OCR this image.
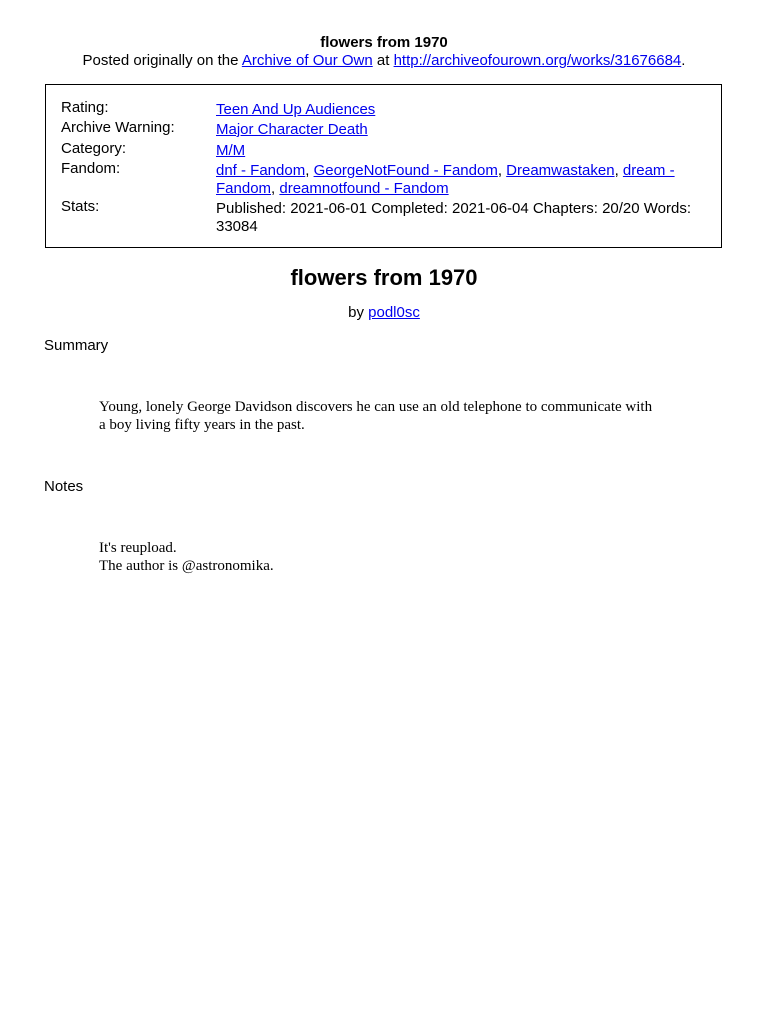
flowers from 1970
Posted originally on the Archive of Our Own at http://archiveofourown.org/works/31676684.
Rating:	Teen And Up Audiences
Archive Warning:	Major Character Death
Category:	M/M
Fandom:	dnf - Fandom, GeorgeNotFound - Fandom, Dreamwastaken, dream - Fandom, dreamnotfound - Fandom
Stats:	Published: 2021-06-01 Completed: 2021-06-04 Chapters: 20/20 Words:
33084
flowers from 1970
by podl0sc
Summary
Young, lonely George Davidson discovers he can use an old telephone to communicate with
a boy living fifty years in the past.
Notes
It's reupload.
The author is @astronomika.
